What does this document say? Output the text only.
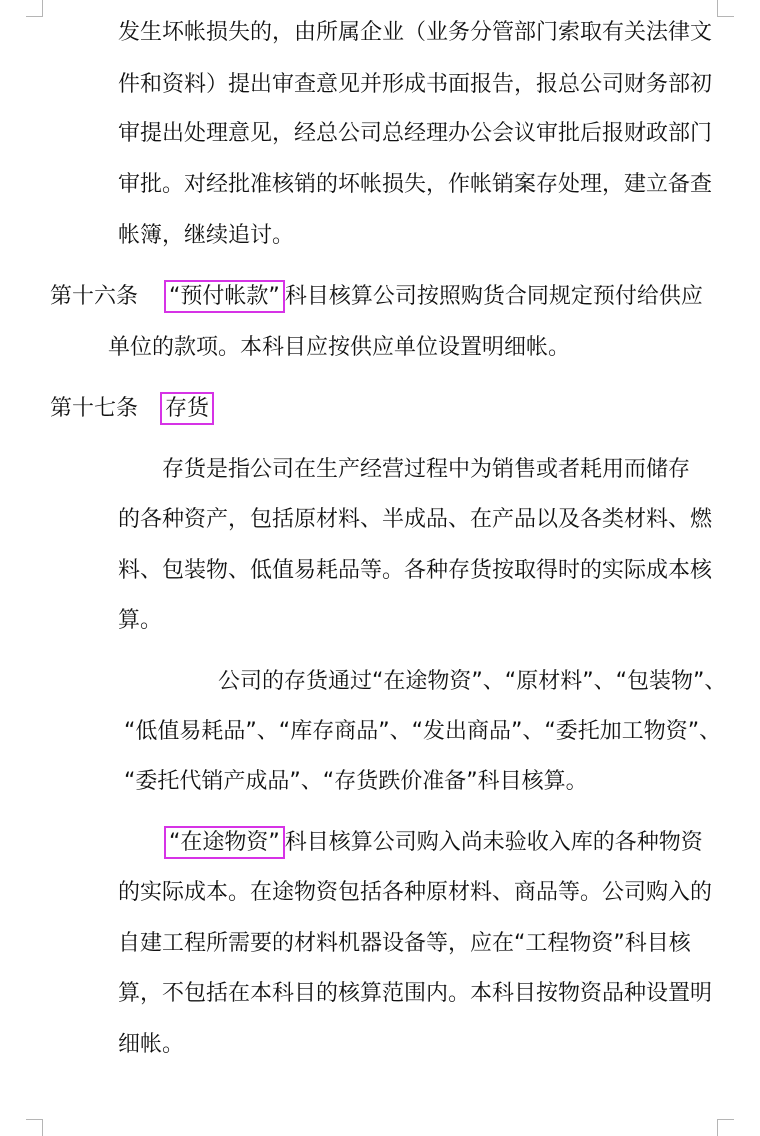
发生坏帐损失的，由所属企业（业务分管部门索取有关法律文
件和资料）提出审查意见并形成书面报告，报总公司财务部初
审提出处理意见，经总公司总经理办公会议审批后报财政部门
审批。对经批准核销的坏帐损失，作帐销案存处理，建立备查
帐簿，继续追讨。
第十六条 “预付帐款” 科目核算公司按照购货合同规定预付给供应
单位的款项。本科目应按供应单位设置明细帐。
第十七条 存货
存货是指公司在生产经营过程中为销售或者耗用而储存
的各种资产，包括原材料、半成品、在产品以及各类材料、燃
料、包装物、低值易耗品等。各种存货按取得时的实际成本核
算。
公司的存货通过“在途物资”、“原材料”、“包装物”、
“低值易耗品”、“库存商品”、“发出商品”、“委托加工物资”、
“委托代销产成品”、“存货跌价准备”科目核算。
“在途物资” 科目核算公司购入尚未验收入库的各种物资
的实际成本。在途物资包括各种原材料、商品等。公司购入的
自建工程所需要的材料机器设备等，应在“工程物资”科目核
算，不包括在本科目的核算范围内。本科目按物资品种设置明
细帐。
